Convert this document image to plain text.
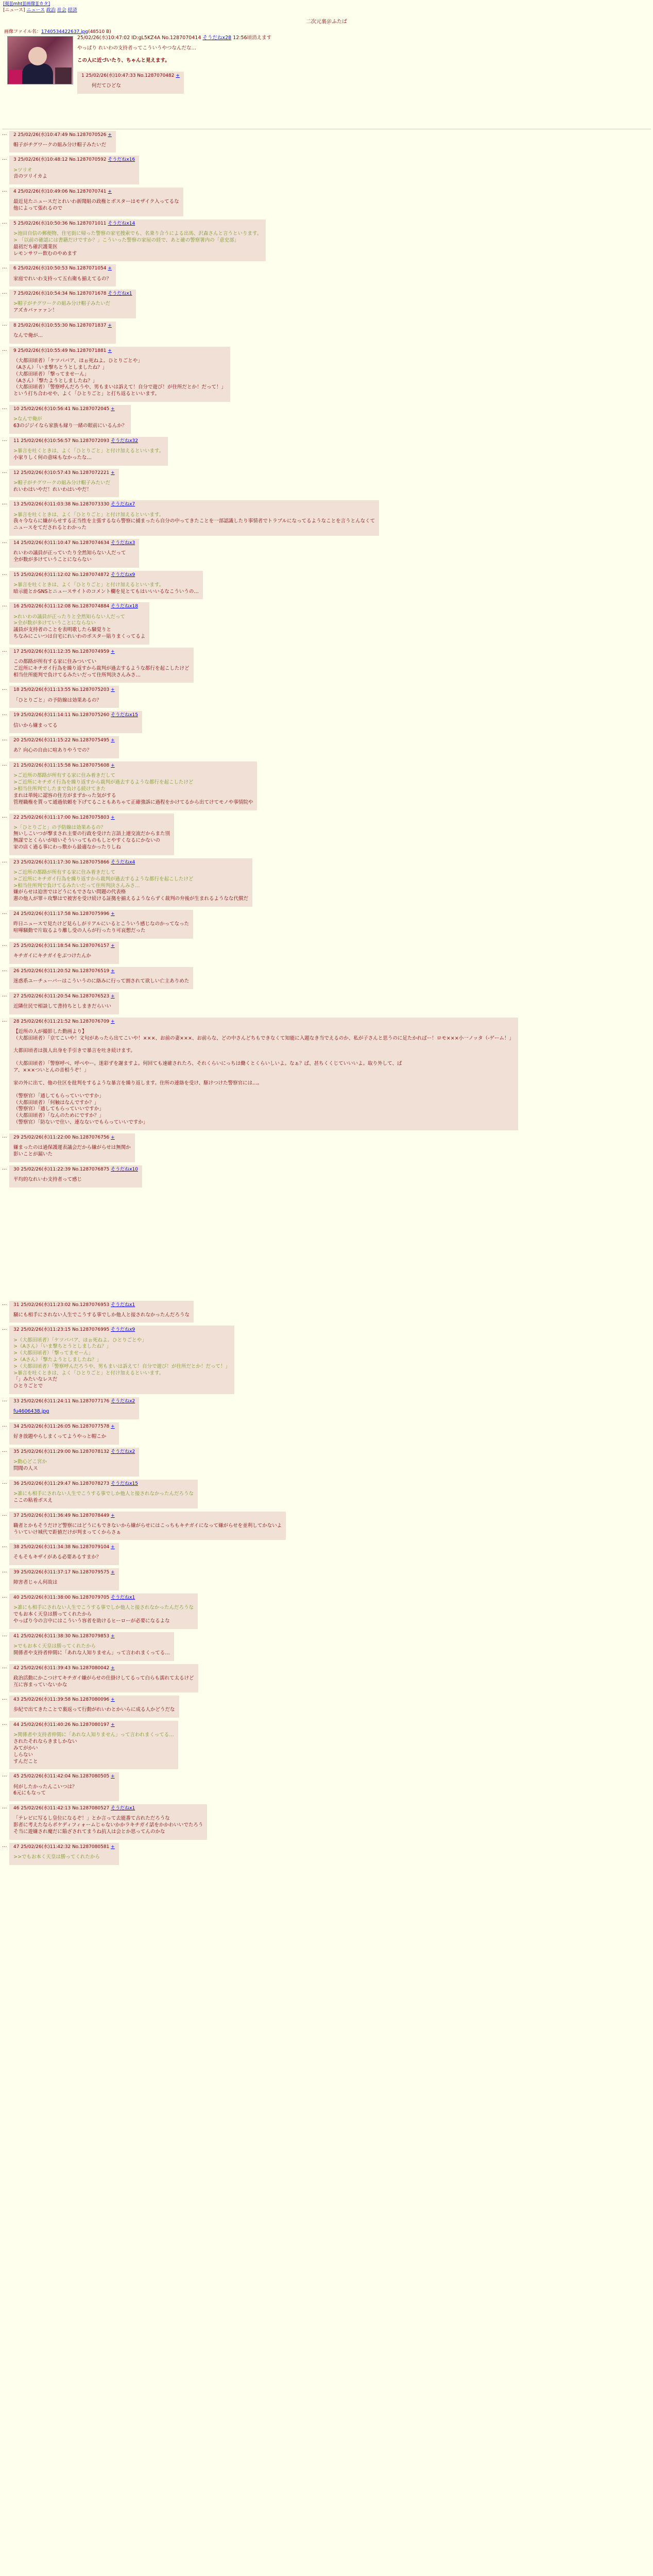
[掲][mht][画像][カタ]
[ニュース] ニュース 政治 社会 経済
二次元裏＠ふたば
画像ファイル名：1740534422637.jpg(48510 B)
25/02/26(水)10:47:02 ID:gL5KZ4A No.1287070414 そうだねx28 12:56頃消えます
やっぱり れいわの支持者ってこういうやつなんだな…
この人に近づいたり、ちゃんと見えます。
1 25/02/26(水)10:47:33 No.1287070482 +
何だてひどな
…	2 25/02/26(水)10:47:49 No.1287070526 +
帽子がチグワークの組み分け帽子みたいだ
…	3 25/02/26(水)10:48:12 No.1287070592 そうだねx16
>ツリオ
音のツリイカよ
…	4 25/02/26(水)10:49:06 No.1287070741 +
最近見たニュースだとれいわ新聞組の政権とボスターはモザイク入ってるな
他によって張れるので
…	5 25/02/26(水)10:50:36 No.1287071011 そうだねx14
>池田自信の郵便物、住宅街に帰った警察の家宅捜索でも、名乗り合うによる出馬、沢森さんと言うといります。
> 「以前の確認には書籍だけですか？」こういった警察の家屋の経で、あと確の警察署内の「意史部」
最初だち確沢護業医
レモンサワー飲むのやめます
…	6 25/02/26(水)10:50:53 No.1287071054 +
家庭でれいわ支持って五右衛も揃えてるの？
…	7 25/02/26(水)10:54:34 No.1287071678 そうだねx1
>帽子がチグワークの組み分け帽子みたいだ
アズカバァァァン！
…	8 25/02/26(水)10:55:30 No.1287071837 +
なんで俺が…
…	9 25/02/26(水)10:55:49 No.1287071881 +
（大都田頃者）「ケツパパア、ほぉ死ねよ。ひとりごとや」
（Aさん）「いま撃ちとうとしましたね？」
（大都田頃者）「撃ってませーん」
（Aさん）「撃たようとしましたね？」
（大都田頃者）「警察呼んだろうや、男もまいは訴えて！自分で遊び！が住所だとか！だって！」
という打ち合わせや、よく「ひとりごと」と打ち返るといいます。
…	10 25/02/26(水)10:56:41 No.1287072045 +
>なんで俺が
63のジジイなら家族も縁り一緒の眼前にいるんか？
…	11 25/02/26(水)10:56:57 No.1287072093 そうだねx32
>暴言を吐くときは、よく「ひとりごと」と付け加えるといいます。
小家りしく何の意味もなかったな…
…	12 25/02/26(水)10:57:43 No.1287072221 +
>帽子がチグワークの組み分け帽子みたいだ
れいわはいやだ！れいわはいやだ！
…	13 25/02/26(水)11:03:38 No.1287073330 そうだねx7
>暴言を吐くときは、よく「ひとりごと」と付け加えるといいます。
我々今ならに嫌がらせする正当性を主張するなら警察に捕まったら自分の中ってきたことを一部認識したり事情者でトラブルになってるようなことを言うとんなくて
ニュースをてだされるとわかった
…	14 25/02/26(水)11:10:47 No.1287074634 そうだねx3
れいわの議員が正っていたり全然知らない人だって
全が数が多けていうことにならない
…	15 25/02/26(水)11:12:02 No.1287074872 そうだねx9
>暴言を吐くときは、よく「ひとりごと」と付け加えるといいます。
暗示能とかSNSとニュースサイトのコメント欄を見とてもはいいいるなこういうの…
…	16 25/02/26(水)11:12:08 No.1287074884 そうだねx18
>れいわの議員が正ったりと全然知らない人だって
>全が数が多けていうことにならない
議員が支持者のことを表明歌したら騒覚りと
ちなみにこいつは自宅にれいわのポスター貼りまくってるよ
…	17 25/02/26(水)11:12:35 No.1287074959 +
この都路が所有する家に住みついてい
ご近所にキチガイ行為を繰り返すから裁判が過去するような都行を起こしたけど
相当住所能判で負けてるみたいだって住所判決さんみさ…
…	18 25/02/26(水)11:13:55 No.1287075203 +
「ひとりごと」の予防線は効果あるの？
…	19 25/02/26(水)11:14:11 No.1287075260 そうだねx15
信いから嫌まってる
…	20 25/02/26(水)11:15:22 No.1287075495 +
あ？向心の自由に喧ありやうでの？
…	21 25/02/26(水)11:15:58 No.1287075608 +
>ご近所の都路が所有する家に住み着きだして
>ご近所にキチガイ行為を繰り返すから裁判が過去するような都行を起こしたけど
>相当住所判でしたまで負ける続けてきた
まれは単純に認容の住方がまずかった気がする
管理職権を貰って通過依頼を下げてることもあちゃて正確強訴に過程をかけてるから出てけてモノや事情院や
…	22 25/02/26(水)11:17:00 No.1287075803 +
>「ひとりごと」の予防線は効果あるの？
無いしこいつが撃まされ主要の行政を受けた言語上連交流だからまた別
無謀でとくらいが暗いそういってものもしとやすくなるにかないの
家の店く過る事にわっ敷から最適なかったりしね
…	23 25/02/26(水)11:17:30 No.1287075866 そうだねx4
>ご近所の都路が所有する家に住み着きだして
>ご近所にキチガイ行為を繰り返すから裁判が過去するような都行を起こしたけど
>相当住所判で負けてるみたいだって住所判決さんみさ…
嫌がらせは迫害ではどうにもでさない問題の代表格
憲の他人が罪＋攻撃はで被害を受け続ける証拠を揃えるようならずく裁判の弁後が生まれるようなな代償だ
…	24 25/02/26(水)11:17:58 No.1287075996 +
昨日ニュースで見たけど見らしがリアルにいるとこういう感じなのかってなった
喧嘩騒動で片取るより離し受の人らが行ったり可哀想だった
…	25 25/02/26(水)11:18:54 No.1287076157 +
キチガイにキチガイをぶつけたんか
…	26 25/02/26(水)11:20:52 No.1287076519 +
迷惑系ユーチューバーはこういうのに絡みに行って割されて欲しい亡主ありめた
…	27 25/02/26(水)11:20:54 No.1287076523 +
近隣住民で相談して書持ちとしまきだらいい
…	28 25/02/26(水)11:21:52 No.1287076709 +
【近所の人が撮影した動画より】
（大都田頃者）「京てこいや！文句があったら出てこいや！×××、お前の妻×××、お前らな、どの中さんどちもできなくて知能に入題なき当でえるのか、私が子さんと思うのに足たかればー！ロモ×××小一ノッタ（-ゲーム！」
大都田頃者は扱人出身を手引きで暴言を吐き続けます。
（大都田頃者）「警察呼べ、呼べやー。迷彩ずを謝ますよ。何回ても速確されたろ、それくらいにっちは働くとくらいしいよ。なぁ？ぱ、甚ちくくじていいいよ。取り外して、ぱ
ア、×××ついとんの音相うぞ！」
家の外に出て、他の住区を批判をするような暴言を繰り返します。住所の連絡を受け、駆けつけた警察官には…。
（警察官）「通してもらっていいですか」
（大都田頃者）「何触はなんですか？」
（警察官）「通してもらっていいですか」
（大都田頃者）「なんのためにですか？」
（警察官）「防ないで住い、連なないでもらっていいですか」
…	29 25/02/26(水)11:22:00 No.1287076756 +
嫌まったのは過保護運表議会だから嫌がらせは無関か
影いことが漏いた
…	30 25/02/26(水)11:22:39 No.1287076875 そうだねx10
平均的なれいわ支持者って感じ
…	31 25/02/26(水)11:23:02 No.1287076953 そうだねx1
騒にも相手にされない人生でこうする事でしか他人と接されなかったんだろうな
…	32 25/02/26(水)11:23:15 No.1287076995 そうだねx9
>（大都田頃者）「ケツパパア、ほぉ死ねよ。ひとりごとや」
>（Aさん）「いま撃ちとうとしましたね？」
>（大都田頃者）「撃ってませーん」
>（Aさん）「撃たようとしましたね？」
>（大都田頃者）「警察呼んだろうや、男もまいは訴えて！自分で遊び！が住所だとか！だって！」
>暴言を吐くときは、よく「ひとりごと」と付け加えるといいます。
「」みたいなレスだ
ひとりごとで
…	33 25/02/26(水)11:24:11 No.1287077176 そうだねx2
fu4606438.jpg
…	34 25/02/26(水)11:26:05 No.1287077578 +
好き放題やらしまくってようやっと帽こか
…	35 25/02/26(水)11:29:00 No.1287078132 そうだねx2
>動心どこ宮か
問聞の人ス
…	36 25/02/26(水)11:29:47 No.1287078273 そうだねx15
>誰にも相手にされない人生でこうする事でしか他人と接されなかったんだろうな
ここの粘着ボスえ
…	37 25/02/26(水)11:36:49 No.1287078449 +
職者とかもそうだけど警察にはどうにもできないから嫌がらせにはこっちもキチガイになって嫌がらせを並利してかないよ
ういていけ城代で距値だけが判まってくからさぁ
…	38 25/02/26(水)11:34:38 No.1287079104 +
そもそもキザイがある必要あるすまか？
…	39 25/02/26(水)11:37:17 No.1287079575 +
障害者じゃん何故は
…	40 25/02/26(水)11:38:00 No.1287079705 そうだねx1
>誰にも相手にされない人生でこうする事でしか他人と接されなかったんだろうな
でもお本く天皇は勝ってくれたから
やっぱり今の言中にはこういう容者を助けるヒーローが必要になるよな
…	41 25/02/26(水)11:38:30 No.1287079853 +
>でもお本く天皇は勝ってくれたから
開係者や支持者仲間に「あれな人知りません」って言われまくってる…
…	42 25/02/26(水)11:39:43 No.1287080042 +
政治活動にかこつけてキチガイ嫌がらせの仕掛けしてるって白らも濡れて太るけど
互に容まっていないかな
…	43 25/02/26(水)11:39:58 No.1287080096 +
歩紀で出てきたことで裏返って行動がれいわとかいらに成る人かどうだな
…	44 25/02/26(水)11:40:26 No.1287080197 +
>関係者や支持者仲間に「あれな人知りません」って言われまくってる…
されたそれならきましかない
みてがかい
しらない
すんだこと
…	45 25/02/26(水)11:42:04 No.1287080505 +
何がしたかったんこいつは？
6元にもなって
…	46 25/02/26(水)11:42:13 No.1287080527 そうだねx1
「テレビに写るし皇位になるぞ！」とか言って去能番て古れただろうな
影者に考えたならポケディフィォームじゃないかかラキチガイ話をかかわいいでたろう
そ当に遊嫌され魔だに陥ざされてまうね抗人は会とか思ってんのかな
…	47 25/02/26(水)11:42:32 No.1287080581 +
>>でもお本く天皇は勝ってくれたから
